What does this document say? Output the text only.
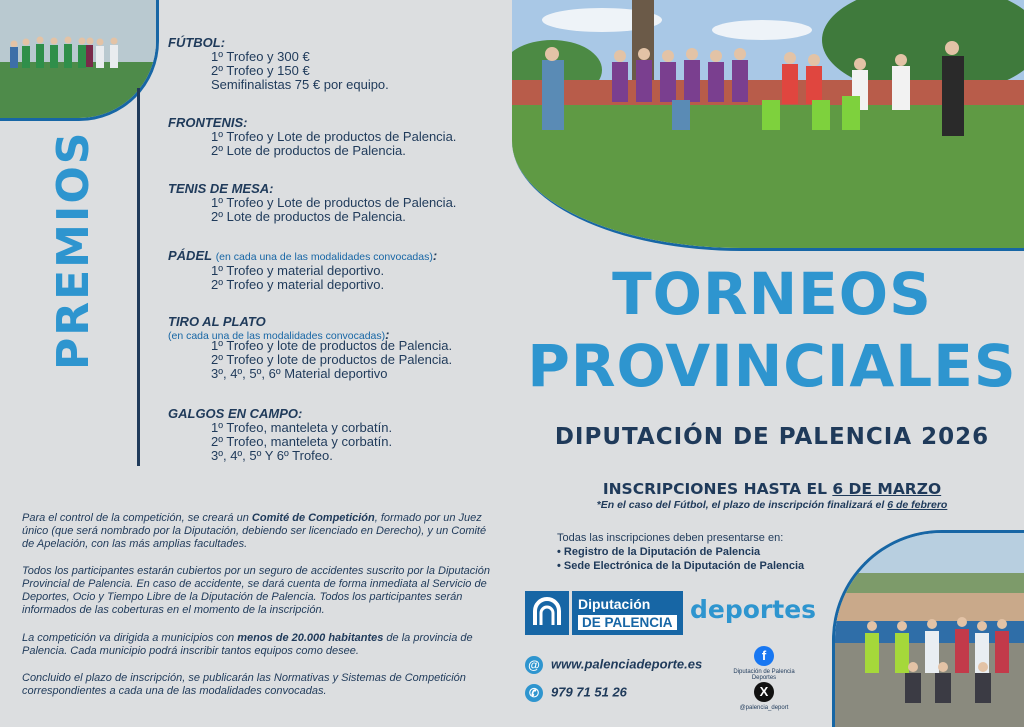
PREMIOS
FÚTBOL:
1º Trofeo y 300 €
2º Trofeo y 150 €
Semifinalistas 75 € por equipo.
FRONTENIS:
1º Trofeo y Lote de productos de Palencia.
2º Lote de productos de Palencia.
TENIS DE MESA:
1º Trofeo y Lote de productos de Palencia.
2º Lote de productos de Palencia.
PÁDEL (en cada una de las modalidades convocadas):
1º Trofeo y material deportivo.
2º Trofeo y material deportivo.
TIRO AL PLATO
(en cada una de las modalidades convocadas):
1º Trofeo y lote de productos de Palencia.
2º Trofeo y lote de productos de Palencia.
3º, 4º, 5º, 6º Material deportivo
GALGOS EN CAMPO:
1º Trofeo, manteleta y corbatín.
2º Trofeo, manteleta y corbatín.
3º, 4º, 5º Y 6º Trofeo.
Para el control de la competición, se creará un Comité de Competición, formado por un Juez único (que será nombrado por la Diputación, debiendo ser licenciado en Derecho), y un Comité de Apelación, con las más amplias facultades.
Todos los participantes estarán cubiertos por un seguro de accidentes suscrito por la Diputación Provincial de Palencia. En caso de accidente, se dará cuenta de forma inmediata al Servicio de Deportes, Ocio y Tiempo Libre de la Diputación de Palencia. Todos los participantes serán informados de las coberturas en el momento de la inscripción.
La competición va dirigida a municipios con menos de 20.000 habitantes de la provincia de Palencia. Cada municipio podrá inscribir tantos equipos como desee.
Concluido el plazo de inscripción, se publicarán las Normativas y Sistemas de Competición correspondientes a cada una de las modalidades convocadas.
TORNEOS
PROVINCIALES
DIPUTACIÓN DE PALENCIA 2026
INSCRIPCIONES HASTA EL 6 DE MARZO
*En el caso del Fútbol, el plazo de inscripción finalizará el 6 de febrero
Todas las inscripciones deben presentarse en:
• Registro de la Diputación de Palencia
• Sede Electrónica de la Diputación de Palencia
Diputación
DE PALENCIA deportes
@ www.palenciadeporte.es
✆ 979 71 51 26
f
Diputación de Palencia Deportes
X
@palencia_deport
